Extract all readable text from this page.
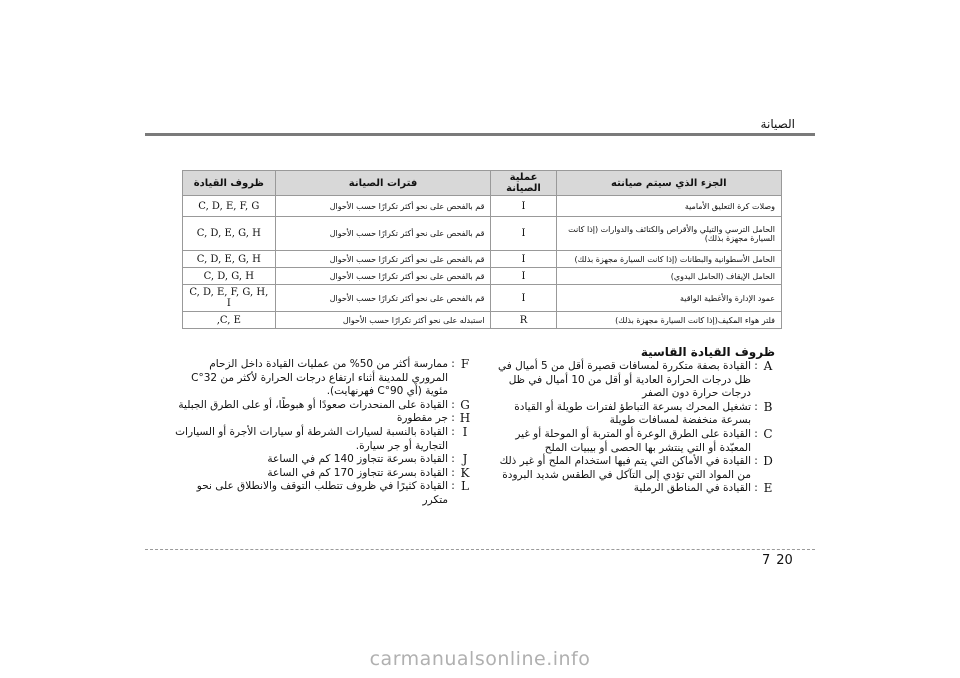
الصيانة
الجزء الذي سيتم صيانته	عملية الصيانة	فترات الصيانة	ظروف القيادة
وصلات كرة التعليق الأمامية	I	قم بالفحص على نحو أكثر تكرارًا حسب الأحوال	C, D, E, F, G
الحامل الترسي والتيلي والأقراص والكتائف والدوارات (إذا كانت السيارة مجهزة بذلك)	I	قم بالفحص على نحو أكثر تكرارًا حسب الأحوال	C, D, E, G, H
الحامل الأسطوانية والبطانات (إذا كانت السيارة مجهزة بذلك)	I	قم بالفحص على نحو أكثر تكرارًا حسب الأحوال	C, D, E, G, H
الحامل الإيقاف (الحامل اليدوي)	I	قم بالفحص على نحو أكثر تكرارًا حسب الأحوال	C, D, G, H
عمود الإدارة والأغطية الواقية	I	قم بالفحص على نحو أكثر تكرارًا حسب الأحوال	C, D, E, F, G, H, I
فلتر هواء المكيف(إذا كانت السيارة مجهزة بذلك)	R	استبدله على نحو أكثر تكرارًا حسب الأحوال	C, E,
ظروف القيادة القاسية
A
:
القيادة بصفة متكررة لمسافات قصيرة أقل من 5 أميال في ظل درجات الحرارة العادية أو أقل من 10 أميال في ظل درجات حرارة دون الصفر
B
:
تشغيل المحرك بسرعة التباطؤ لفترات طويلة أو القيادة بسرعة منخفضة لمسافات طويلة
C
:
القيادة على الطرق الوعرة أو المتربة أو الموحلة أو غير المعبّدة أو التي ينتشر بها الحصى أو بيبيات الملح
D
:
القيادة في الأماكن التي يتم فيها استخدام الملح أو غير ذلك من المواد التي تؤدي إلى التآكل في الطقس شديد البرودة
E
:
القيادة في المناطق الرملية
F
:
ممارسة أكثر من 50% من عمليات القيادة داخل الزحام المروري للمدينة أثناء ارتفاع درجات الحرارة لأكثر من 32°C مئوية (أي 90°C فهرنهايت).
G
:
القيادة على المنحدرات صعودًا أو هبوطًا، أو على الطرق الجبلية
H
:
جر مقطورة
I
:
القيادة بالنسبة لسيارات الشرطة أو سيارات الأجرة أو السيارات التجارية أو جر سيارة.
J
:
القيادة بسرعة تتجاوز 140 كم في الساعة
K
:
القيادة بسرعة تتجاوز 170 كم في الساعة
L
:
القيادة كثيرًا في ظروف تتطلب التوقف والانطلاق على نحو متكرر
7 20
carmanualsonline.info
